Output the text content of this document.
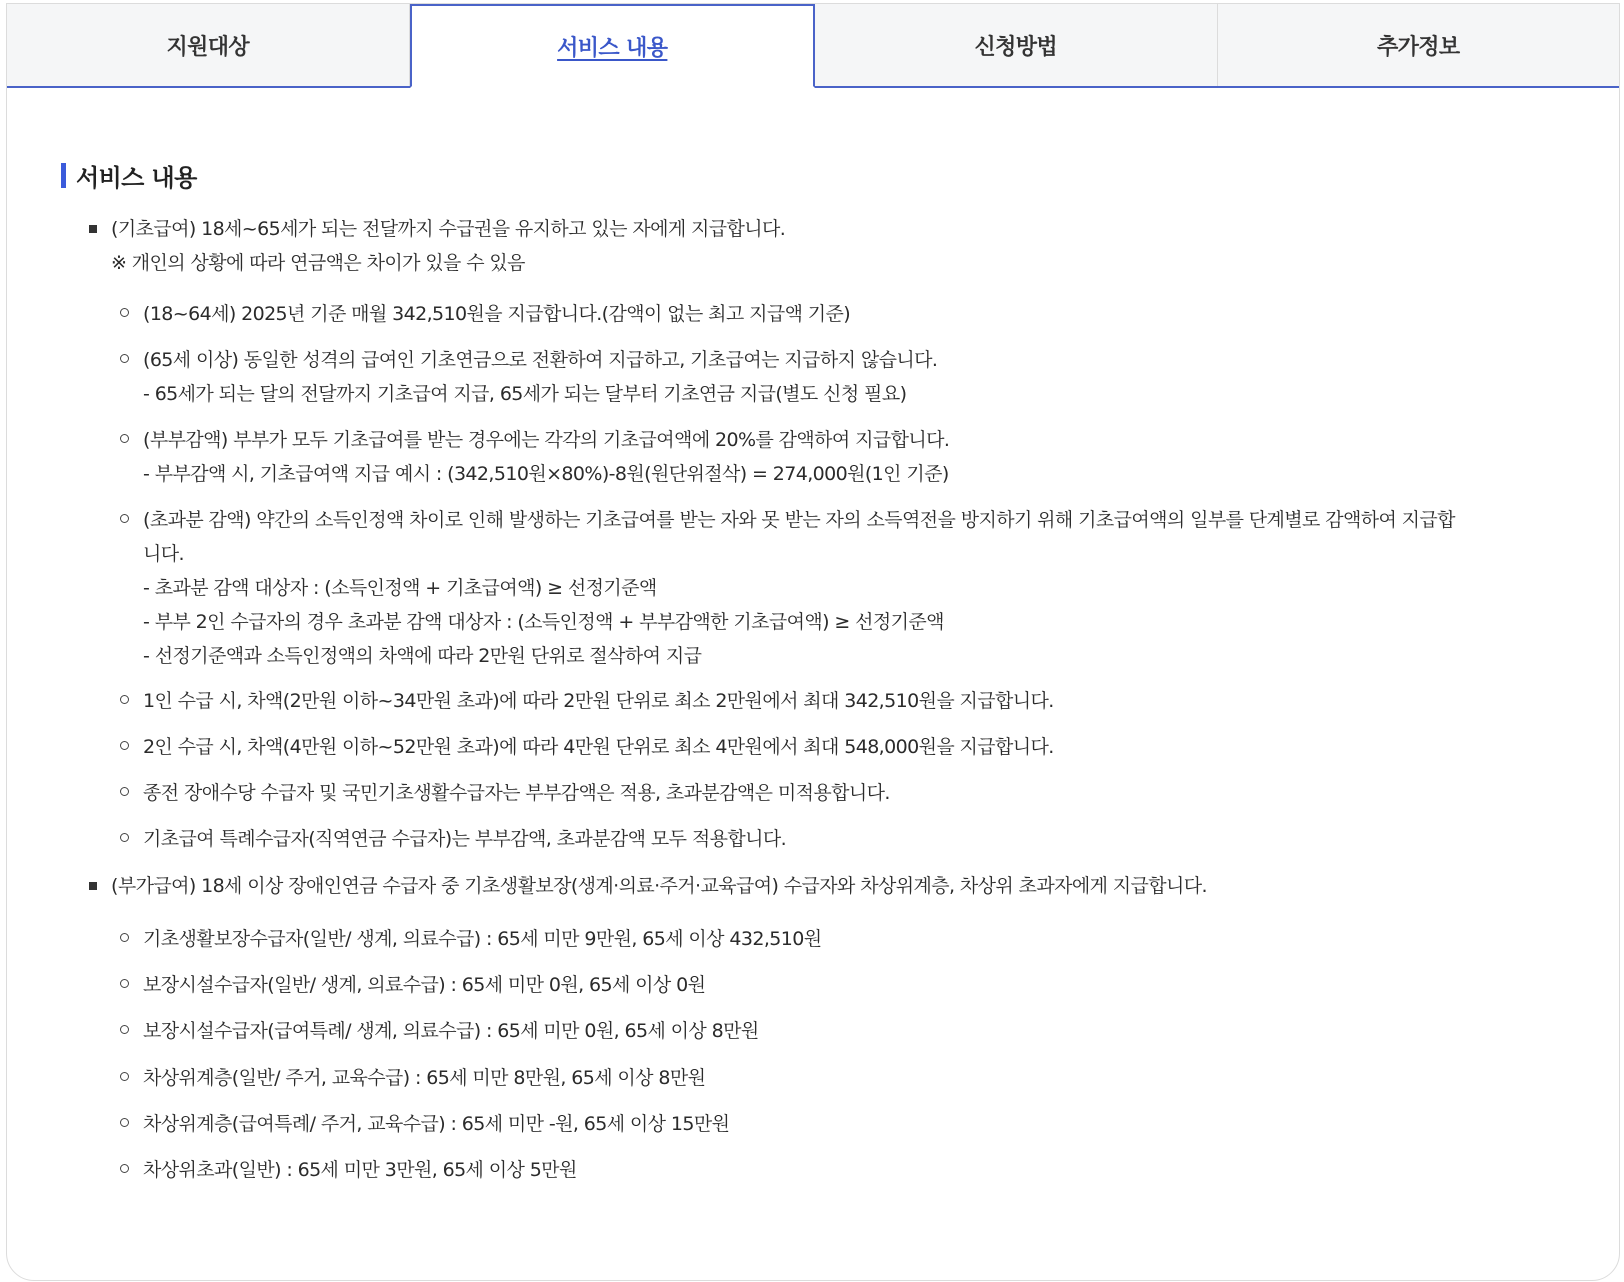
지원대상	서비스 내용	신청방법	추가정보
서비스 내용
(기초급여) 18세~65세가 되는 전달까지 수급권을 유지하고 있는 자에게 지급합니다.
※ 개인의 상황에 따라 연금액은 차이가 있을 수 있음
(18~64세) 2025년 기준 매월 342,510원을 지급합니다.(감액이 없는 최고 지급액 기준)
(65세 이상) 동일한 성격의 급여인 기초연금으로 전환하여 지급하고, 기초급여는 지급하지 않습니다.
- 65세가 되는 달의 전달까지 기초급여 지급, 65세가 되는 달부터 기초연금 지급(별도 신청 필요)
(부부감액) 부부가 모두 기초급여를 받는 경우에는 각각의 기초급여액에 20%를 감액하여 지급합니다.
- 부부감액 시, 기초급여액 지급 예시 : (342,510원×80%)-8원(원단위절삭) = 274,000원(1인 기준)
(초과분 감액) 약간의 소득인정액 차이로 인해 발생하는 기초급여를 받는 자와 못 받는 자의 소득역전을 방지하기 위해 기초급여액의 일부를 단계별로 감액하여 지급합
니다.
- 초과분 감액 대상자 : (소득인정액 + 기초급여액) ≥ 선정기준액
- 부부 2인 수급자의 경우 초과분 감액 대상자 : (소득인정액 + 부부감액한 기초급여액) ≥ 선정기준액
- 선정기준액과 소득인정액의 차액에 따라 2만원 단위로 절삭하여 지급
1인 수급 시, 차액(2만원 이하~34만원 초과)에 따라 2만원 단위로 최소 2만원에서 최대 342,510원을 지급합니다.
2인 수급 시, 차액(4만원 이하~52만원 초과)에 따라 4만원 단위로 최소 4만원에서 최대 548,000원을 지급합니다.
종전 장애수당 수급자 및 국민기초생활수급자는 부부감액은 적용, 초과분감액은 미적용합니다.
기초급여 특례수급자(직역연금 수급자)는 부부감액, 초과분감액 모두 적용합니다.
(부가급여) 18세 이상 장애인연금 수급자 중 기초생활보장(생계·의료·주거·교육급여) 수급자와 차상위계층, 차상위 초과자에게 지급합니다.
기초생활보장수급자(일반/ 생계, 의료수급) : 65세 미만 9만원, 65세 이상 432,510원
보장시설수급자(일반/ 생계, 의료수급) : 65세 미만 0원, 65세 이상 0원
보장시설수급자(급여특례/ 생계, 의료수급) : 65세 미만 0원, 65세 이상 8만원
차상위계층(일반/ 주거, 교육수급) : 65세 미만 8만원, 65세 이상 8만원
차상위계층(급여특례/ 주거, 교육수급) : 65세 미만 -원, 65세 이상 15만원
차상위초과(일반) : 65세 미만 3만원, 65세 이상 5만원
